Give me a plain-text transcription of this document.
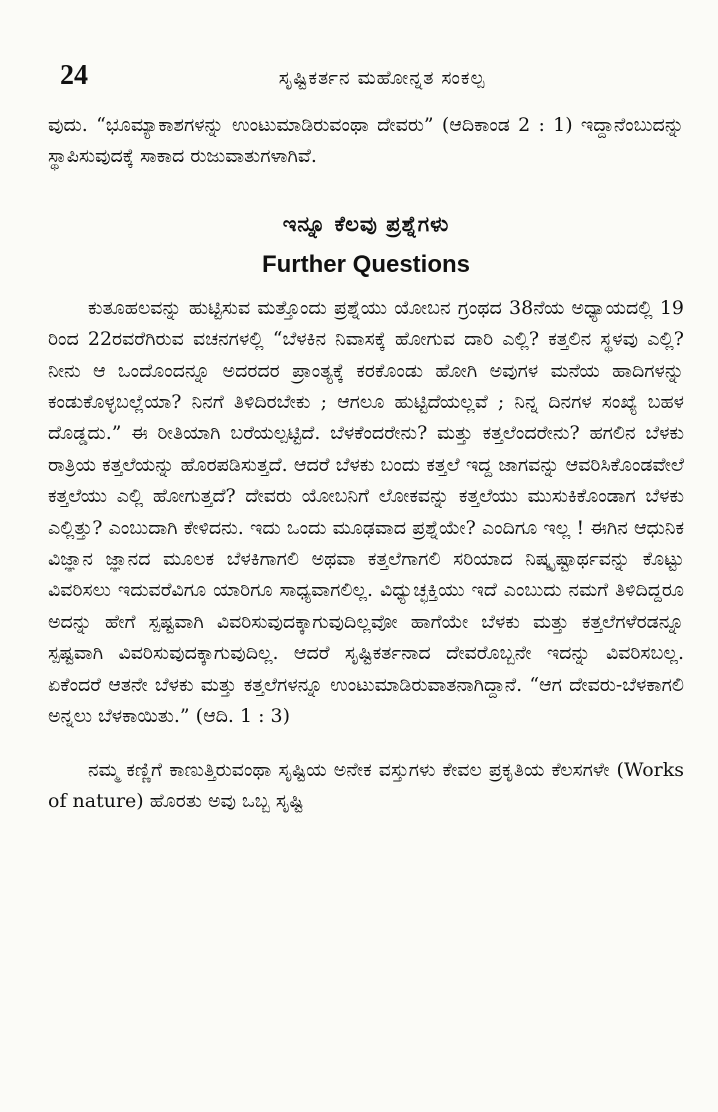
24	ಸೃಷ್ಟಿಕರ್ತನ ಮಹೋನ್ನತ ಸಂಕಲ್ಪ

ವುದು. “ಭೂಮ್ಯಾಕಾಶಗಳನ್ನು ಉಂಟುಮಾಡಿರುವಂಥಾ ದೇವರು” (ಆದಿಕಾಂಡ 2 : 1) ಇದ್ದಾನೆಂಬುದನ್ನು ಸ್ಥಾಪಿಸುವುದಕ್ಕೆ ಸಾಕಾದ ರುಜುವಾತುಗಳಾಗಿವೆ.

ಇನ್ನೂ ಕೆಲವು ಪ್ರಶ್ನೆಗಳು
Further Questions

ಕುತೂಹಲವನ್ನು ಹುಟ್ಟಿಸುವ ಮತ್ತೊಂದು ಪ್ರಶ್ನೆಯು ಯೋಬನ ಗ್ರಂಥದ 38ನೆಯ ಅಧ್ಯಾಯದಲ್ಲಿ 19 ರಿಂದ 22ರವರೆಗಿರುವ ವಚನಗಳಲ್ಲಿ “ಬೆಳಕಿನ ನಿವಾಸಕ್ಕೆ ಹೋಗುವ ದಾರಿ ಎಲ್ಲಿ? ಕತ್ತಲಿನ ಸ್ಥಳವು ಎಲ್ಲಿ? ನೀನು ಆ ಒಂದೊಂದನ್ನೂ ಅದರದರ ಪ್ರಾಂತ್ಯಕ್ಕೆ ಕರಕೊಂಡು ಹೋಗಿ ಅವುಗಳ ಮನೆಯ ಹಾದಿಗಳನ್ನು ಕಂಡುಕೊಳ್ಳಬಲ್ಲೆಯಾ? ನಿನಗೆ ತಿಳಿದಿರಬೇಕು ; ಆಗಲೂ ಹುಟ್ಟಿದೆಯಲ್ಲವೆ ; ನಿನ್ನ ದಿನಗಳ ಸಂಖ್ಯೆ ಬಹಳ ದೊಡ್ಡದು.” ಈ ರೀತಿಯಾಗಿ ಬರೆಯಲ್ಪಟ್ಟಿದೆ. ಬೆಳಕೆಂದರೇನು? ಮತ್ತು ಕತ್ತಲೆಂದರೇನು? ಹಗಲಿನ ಬೆಳಕು ರಾತ್ರಿಯ ಕತ್ತಲೆಯನ್ನು ಹೊರಪಡಿಸುತ್ತದೆ. ಆದರೆ ಬೆಳಕು ಬಂದು ಕತ್ತಲೆ ಇದ್ದ ಜಾಗವನ್ನು ಆವರಿಸಿಕೊಂಡವೇಲೆ ಕತ್ತಲೆಯು ಎಲ್ಲಿ ಹೋಗುತ್ತದೆ? ದೇವರು ಯೋಬನಿಗೆ ಲೋಕವನ್ನು ಕತ್ತಲೆಯು ಮುಸುಕಿಕೊಂಡಾಗ ಬೆಳಕು ಎಲ್ಲಿತ್ತು? ಎಂಬುದಾಗಿ ಕೇಳಿದನು. ಇದು ಒಂದು ಮೂಢವಾದ ಪ್ರಶ್ನೆಯೇ? ಎಂದಿಗೂ ಇಲ್ಲ ! ಈಗಿನ ಆಧುನಿಕ ವಿಜ್ಞಾನ ಜ್ಞಾನದ ಮೂಲಕ ಬೆಳಕಿಗಾಗಲಿ ಅಥವಾ ಕತ್ತಲೆಗಾಗಲಿ ಸರಿಯಾದ ನಿಷ್ಕೃಷ್ಟಾರ್ಥವನ್ನು ಕೊಟ್ಟು ವಿವರಿಸಲು ಇದುವರೆವಿಗೂ ಯಾರಿಗೂ ಸಾಧ್ಯವಾಗಲಿಲ್ಲ. ವಿಧ್ಯುಚ್ಛಕ್ತಿಯು ಇದೆ ಎಂಬುದು ನಮಗೆ ತಿಳಿದಿದ್ದರೂ ಅದನ್ನು ಹೇಗೆ ಸ್ಪಷ್ಟವಾಗಿ ವಿವರಿಸುವುದಕ್ಕಾಗುವುದಿಲ್ಲವೋ ಹಾಗೆಯೇ ಬೆಳಕು ಮತ್ತು ಕತ್ತಲೆಗಳೆರಡನ್ನೂ ಸ್ಪಷ್ಟವಾಗಿ ವಿವರಿಸುವುದಕ್ಕಾಗುವುದಿಲ್ಲ. ಆದರೆ ಸೃಷ್ಟಿಕರ್ತನಾದ ದೇವರೊಬ್ಬನೇ ಇದನ್ನು ವಿವರಿಸಬಲ್ಲ. ಏಕೆಂದರೆ ಆತನೇ ಬೆಳಕು ಮತ್ತು ಕತ್ತಲೆಗಳನ್ನೂ ಉಂಟುಮಾಡಿರುವಾತನಾಗಿದ್ದಾನೆ. “ಆಗ ದೇವರು-ಬೆಳಕಾಗಲಿ ಅನ್ನಲು ಬೆಳಕಾಯಿತು.” (ಆದಿ. 1 : 3)

ನಮ್ಮ ಕಣ್ಣಿಗೆ ಕಾಣುತ್ತಿರುವಂಥಾ ಸೃಷ್ಟಿಯ ಅನೇಕ ವಸ್ತುಗಳು ಕೇವಲ ಪ್ರಕೃತಿಯ ಕೆಲಸಗಳೇ (Works of nature) ಹೊರತು ಅವು ಒಬ್ಬ ಸೃಷ್ಟಿ
